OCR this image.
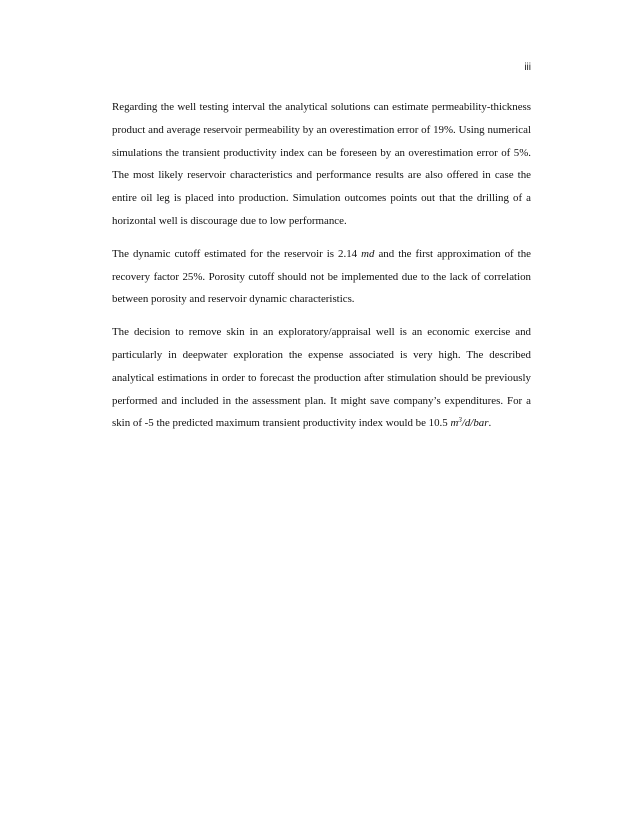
iii

Regarding the well testing interval the analytical solutions can estimate permeability-thickness product and average reservoir permeability by an overestimation error of 19%. Using numerical simulations the transient productivity index can be foreseen by an overestimation error of 5%. The most likely reservoir characteristics and performance results are also offered in case the entire oil leg is placed into production. Simulation outcomes points out that the drilling of a horizontal well is discourage due to low performance.

The dynamic cutoff estimated for the reservoir is 2.14 md and the first approximation of the recovery factor 25%. Porosity cutoff should not be implemented due to the lack of correlation between porosity and reservoir dynamic characteristics.

The decision to remove skin in an exploratory/appraisal well is an economic exercise and particularly in deepwater exploration the expense associated is very high. The described analytical estimations in order to forecast the production after stimulation should be previously performed and included in the assessment plan. It might save company’s expenditures. For a skin of -5 the predicted maximum transient productivity index would be 10.5 $m^3/d$/bar.
